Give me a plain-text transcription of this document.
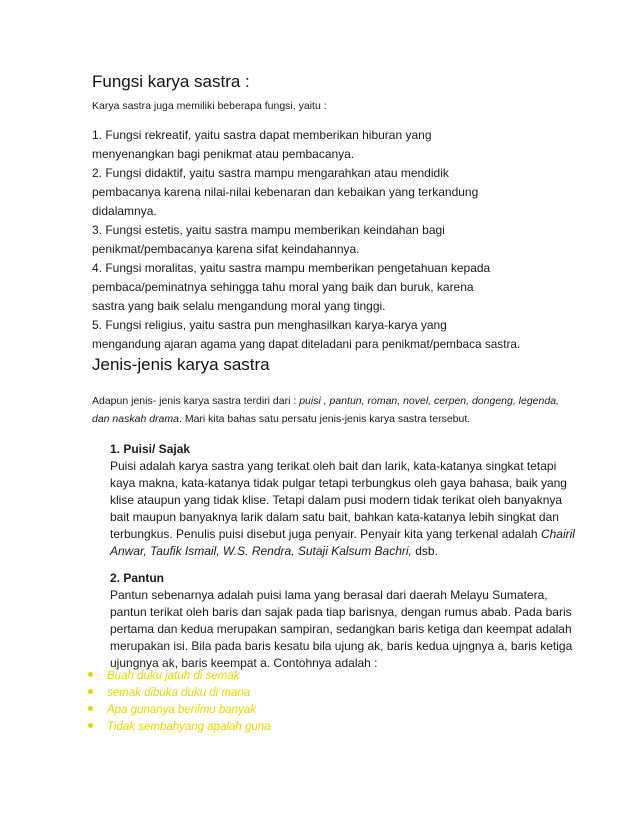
Fungsi karya sastra :
Karya sastra juga memiliki beberapa fungsi, yaitu :
1. Fungsi rekreatif, yaitu sastra dapat memberikan hiburan yang
menyenangkan bagi penikmat atau pembacanya.
2. Fungsi didaktif, yaitu sastra mampu mengarahkan atau mendidik
pembacanya karena nilai-nilai kebenaran dan kebaikan yang terkandung
didalamnya.
3. Fungsi estetis, yaitu sastra mampu memberikan keindahan bagi
penikmat/pembacanya karena sifat keindahannya.
4. Fungsi moralitas, yaitu sastra mampu memberikan pengetahuan kepada
pembaca/peminatnya sehingga tahu moral yang baik dan buruk, karena
sastra yang baik selalu mengandung moral yang tinggi.
5. Fungsi religius, yaitu sastra pun menghasilkan karya-karya yang
mengandung ajaran agama yang dapat diteladani para penikmat/pembaca sastra.
Jenis-jenis karya sastra
Adapun jenis- jenis karya sastra terdiri dari : puisi , pantun, roman, novel, cerpen, dongeng, legenda,
dan naskah drama. Mari kita bahas satu persatu jenis-jenis karya sastra tersebut.
1. Puisi/ Sajak
Puisi adalah karya sastra yang terikat oleh bait dan larik, kata-katanya singkat tetapi
kaya makna, kata-katanya tidak pulgar tetapi terbungkus oleh gaya bahasa, baik yang
klise ataupun yang tidak klise. Tetapi dalam pusi modern tidak terikat oleh banyaknya
bait maupun banyaknya larik dalam satu bait, bahkan kata-katanya lebih singkat dan
terbungkus. Penulis puisi disebut juga penyair. Penyair kita yang terkenal adalah Chairil
Anwar, Taufik Ismail, W.S. Rendra, Sutaji Kalsum Bachri, dsb.
2. Pantun
Pantun sebenarnya adalah puisi lama yang berasal dari daerah Melayu Sumatera,
pantun terikat oleh baris dan sajak pada tiap barisnya, dengan rumus abab. Pada baris
pertama dan kedua merupakan sampiran, sedangkan baris ketiga dan keempat adalah
merupakan isi. Bila pada baris kesatu bila ujung ak, baris kedua ujngnya a, baris ketiga
ujungnya ak, baris keempat a. Contohnya adalah :
Buah duku jatuh di semak
semak dibuka duku di mana
Apa gunanya berilmu banyak
Tidak sembahyang apalah guna
